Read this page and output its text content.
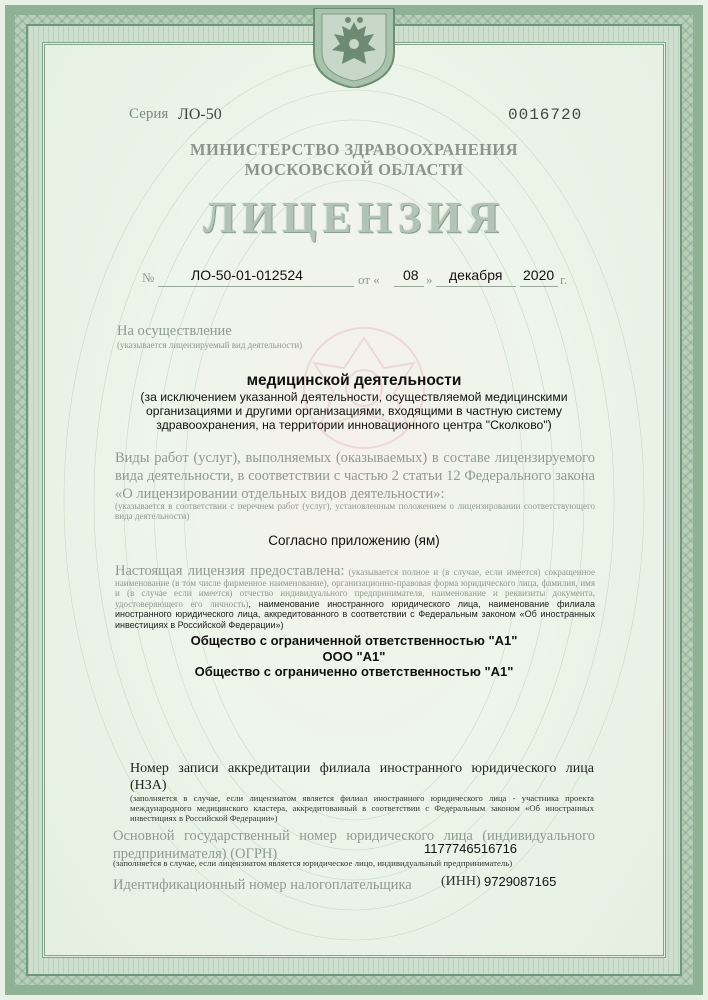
Серия ЛО-50	0016720

МИНИСТЕРСТВО ЗДРАВООХРАНЕНИЯ

МОСКОВСКОЙ ОБЛАСТИ

ЛИЦЕНЗИЯ

№	ЛО-50-01-012524	от « 08 » декабря 2020 г.

На осуществление

(указывается лицензируемый вид деятельности)

медицинской деятельности

(за исключением указанной деятельности, осуществляемой медицинскими организациями и другими организациями, входящими в частную систему здравоохранения, на территории инновационного центра "Сколково")

Виды работ (услуг), выполняемых (оказываемых) в составе лицензируемого вида деятельности, в соответствии с частью 2 статьи 12 Федерального закона «О лицензировании отдельных видов деятельности»:

(указывается в соответствии с перечнем работ (услуг), установленным положением о лицензировании соответствующего вида деятельности)

Согласно приложению (ям)

Настоящая лицензия предоставлена: (указывается полное и (в случае, если имеется) сокращенное наименование (в том числе фирменное наименование), организационно-правовая форма юридического лица, фамилия, имя и (в случае если имеется) отчество индивидуального предпринимателя, наименование и реквизиты документа, удостоверяющего его личность), наименование иностранного юридического лица, наименование филиала иностранного юридического лица, аккредитованного в соответствии с Федеральным законом «Об иностранных инвестициях в Российской Федерации»)

Общество с ограниченной ответственностью "А1"

ООО "А1"

Общество с ограниченно ответственностью "А1"

Номер записи аккредитации филиала иностранного юридического лица (НЗА)

(заполняется в случае, если лицензиатом является филиал иностранного юридического лица - участника проекта международного медицинского кластера, аккредитованный в соответствии с Федеральным законом «Об иностранных инвестициях в Российской Федерации»)

Основной государственный номер юридического лица (индивидуального предпринимателя) (ОГРН)	1177746516716

(заполняется в случае, если лицензиатом является юридическое лицо, индивидуальный предприниматель)

Идентификационный номер налогоплательщика (ИНН) 9729087165
